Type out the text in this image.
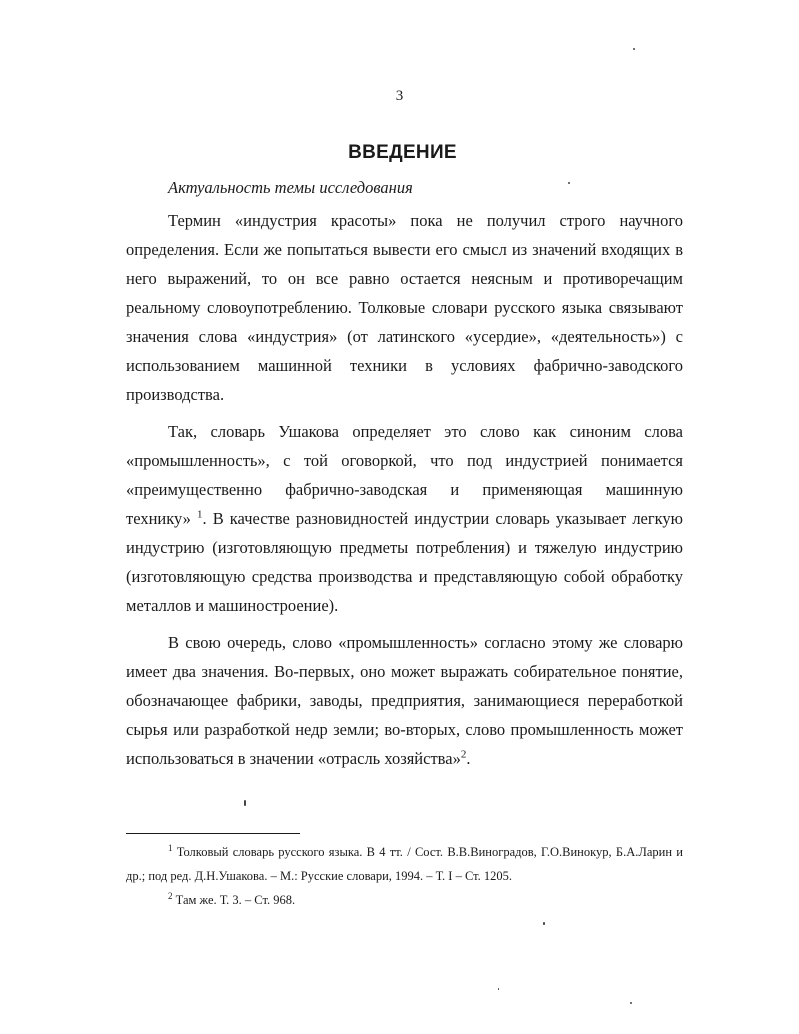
3
ВВЕДЕНИЕ
Актуальность темы исследования

Термин «индустрия красоты» пока не получил строго научного определения. Если же попытаться вывести его смысл из значений входящих в него выражений, то он все равно остается неясным и противоречащим реальному словоупотреблению. Толковые словари русского языка связывают значения слова «индустрия» (от латинского «усердие», «деятельность») с использованием машинной техники в условиях фабрично-заводского производства.

Так, словарь Ушакова определяет это слово как синоним слова «промышленность», с той оговоркой, что под индустрией понимается «преимущественно фабрично-заводская и применяющая машинную технику» $^1$. В качестве разновидностей индустрии словарь указывает легкую индустрию (изготовляющую предметы потребления) и тяжелую индустрию (изготовляющую средства производства и представляющую собой обработку металлов и машиностроение).

В свою очередь, слово «промышленность» согласно этому же словарю имеет два значения. Во-первых, оно может выражать собирательное понятие, обозначающее фабрики, заводы, предприятия, занимающиеся переработкой сырья или разработкой недр земли; во-вторых, слово промышленность может использоваться в значении «отрасль хозяйства»$^2$.

$^1$ Толковый словарь русского языка. В 4 тт. / Сост. В.В.Виноградов, Г.О.Винокур, Б.А.Ларин и др.; под ред. Д.Н.Ушакова. – М.: Русские словари, 1994. – Т. I – Ст. 1205.

$^2$ Там же. Т. 3. – Ст. 968.
